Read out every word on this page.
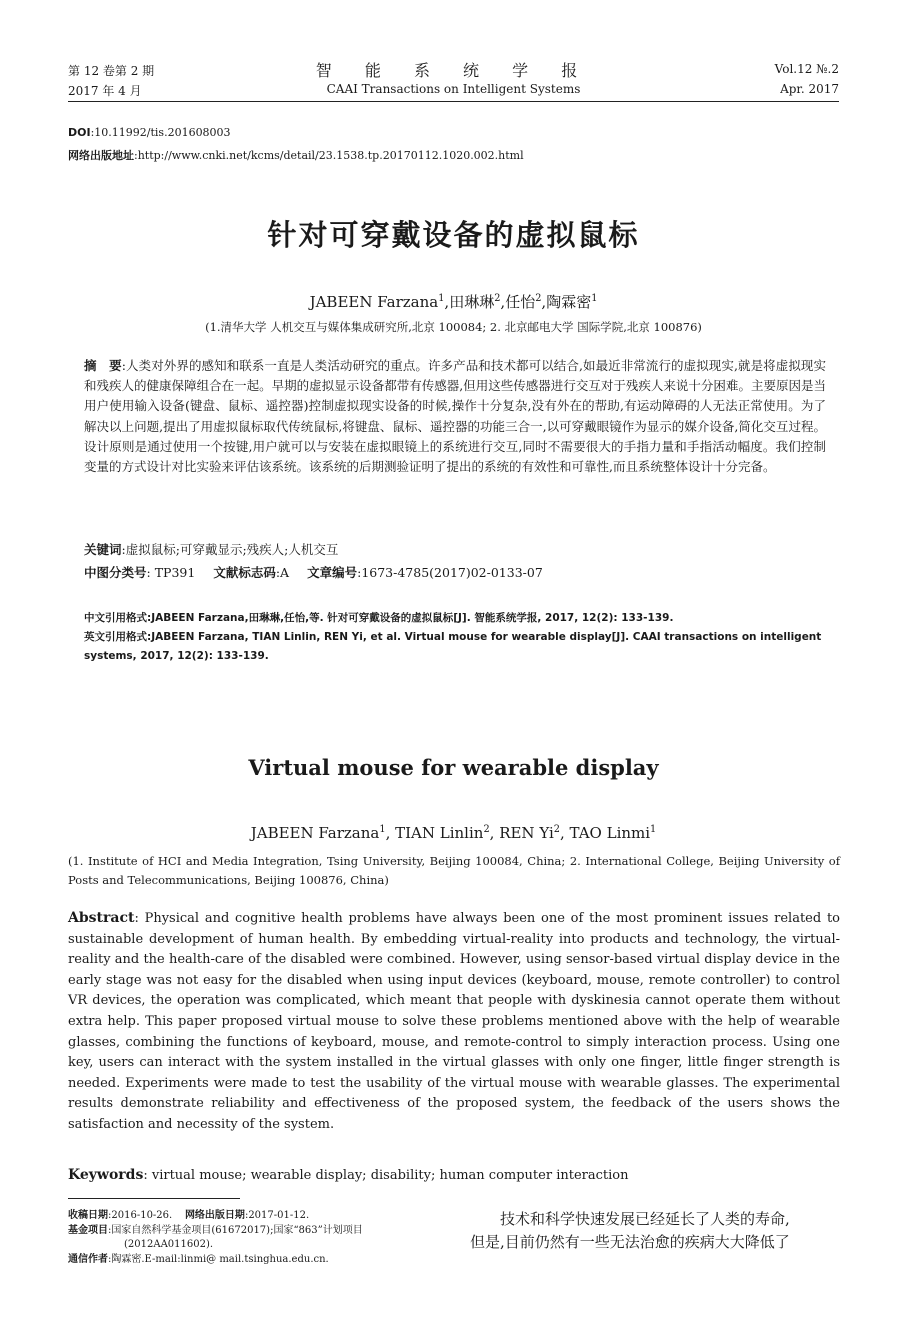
第 12 卷第 2 期
2017 年 4 月
智 能 系 统 学 报
CAAI Transactions on Intelligent Systems
Vol.12 №.2
Apr. 2017
DOI:10.11992/tis.201608003
网络出版地址:http://www.cnki.net/kcms/detail/23.1538.tp.20170112.1020.002.html
针对可穿戴设备的虚拟鼠标
JABEEN Farzana$^1$,田琳琳$^2$,任怡$^2$,陶霖密$^1$
(1.清华大学 人机交互与媒体集成研究所,北京 100084; 2. 北京邮电大学 国际学院,北京 100876)
摘　要:人类对外界的感知和联系一直是人类活动研究的重点。许多产品和技术都可以结合,如最近非常流行的虚拟现实,就是将虚拟现实和残疾人的健康保障组合在一起。早期的虚拟显示设备都带有传感器,但用这些传感器进行交互对于残疾人来说十分困难。主要原因是当用户使用输入设备(键盘、鼠标、遥控器)控制虚拟现实设备的时候,操作十分复杂,没有外在的帮助,有运动障碍的人无法正常使用。为了解决以上问题,提出了用虚拟鼠标取代传统鼠标,将键盘、鼠标、遥控器的功能三合一,以可穿戴眼镜作为显示的媒介设备,简化交互过程。设计原则是通过使用一个按键,用户就可以与安装在虚拟眼镜上的系统进行交互,同时不需要很大的手指力量和手指活动幅度。我们控制变量的方式设计对比实验来评估该系统。该系统的后期测验证明了提出的系统的有效性和可靠性,而且系统整体设计十分完备。
关键词:虚拟鼠标;可穿戴显示;残疾人;人机交互
中图分类号: TP391 文献标志码:A 文章编号:1673-4785(2017)02-0133-07
中文引用格式:JABEEN Farzana,田琳琳,任怡,等. 针对可穿戴设备的虚拟鼠标[J]. 智能系统学报, 2017, 12(2): 133-139.
英文引用格式:JABEEN Farzana, TIAN Linlin, REN Yi, et al. Virtual mouse for wearable display[J]. CAAI transactions on intelligent systems, 2017, 12(2): 133-139.
Virtual mouse for wearable display
JABEEN Farzana$^1$, TIAN Linlin$^2$, REN Yi$^2$, TAO Linmi$^1$
(1. Institute of HCI and Media Integration, Tsing University, Beijing 100084, China; 2. International College, Beijing University of Posts and Telecommunications, Beijing 100876, China)
Abstract: Physical and cognitive health problems have always been one of the most prominent issues related to sustainable development of human health. By embedding virtual-reality into products and technology, the virtual-reality and the health-care of the disabled were combined. However, using sensor-based virtual display device in the early stage was not easy for the disabled when using input devices (keyboard, mouse, remote controller) to control VR devices, the operation was complicated, which meant that people with dyskinesia cannot operate them without extra help. This paper proposed virtual mouse to solve these problems mentioned above with the help of wearable glasses, combining the functions of keyboard, mouse, and remote-control to simply interaction process. Using one key, users can interact with the system installed in the virtual glasses with only one finger, little finger strength is needed. Experiments were made to test the usability of the virtual mouse with wearable glasses. The experimental results demonstrate reliability and effectiveness of the proposed system, the feedback of the users shows the satisfaction and necessity of the system.
Keywords: virtual mouse; wearable display; disability; human computer interaction
收稿日期:2016-10-26. 网络出版日期:2017-01-12.
基金项目:国家自然科学基金项目(61672017);国家“863”计划项目
(2012AA011602).
通信作者:陶霖密.E-mail:linmi@ mail.tsinghua.edu.cn.
技术和科学快速发展已经延长了人类的寿命,
但是,目前仍然有一些无法治愈的疾病大大降低了
